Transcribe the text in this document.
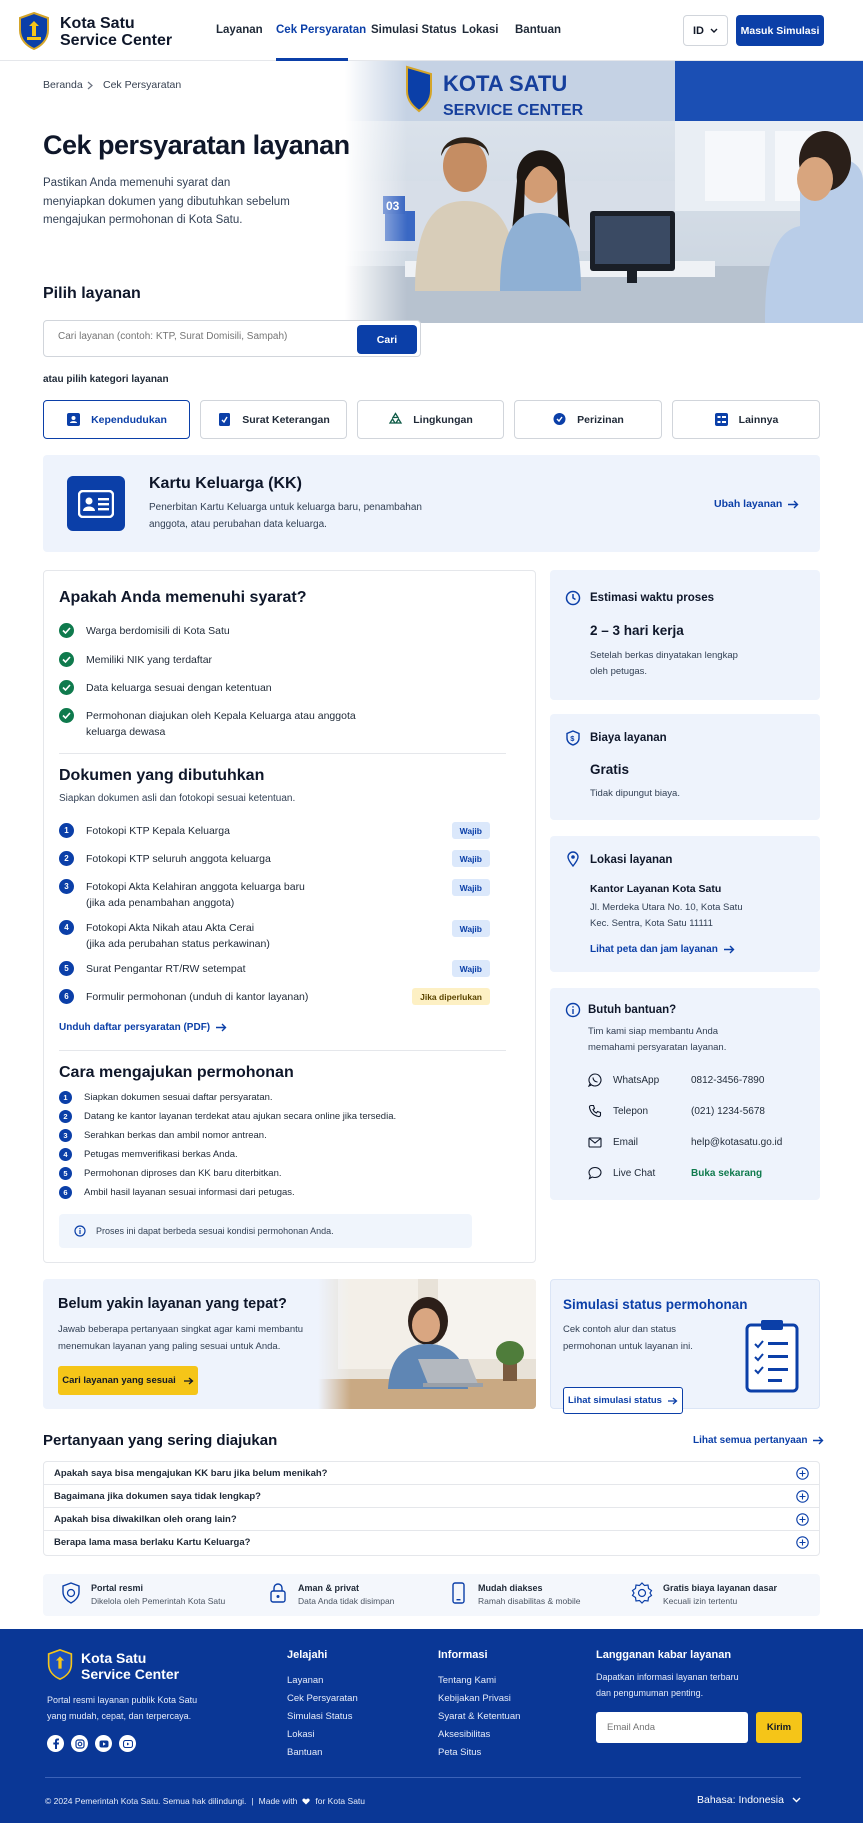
Kota Satu
Service Center
Layanan Cek Persyaratan Simulasi Status Lokasi Bantuan	ID	Masuk Simulasi
Beranda Cek Persyaratan
Cek persyaratan layanan

Pastikan Anda memenuhi syarat dan menyiapkan dokumen yang dibutuhkan sebelum mengajukan permohonan di Kota Satu.

Pilih layanan
Cari layanan (contoh: KTP, Surat Domisili, Sampah)
Cari
atau pilih kategori layanan
Kependudukan	Surat Keterangan	Lingkungan	Perizinan	Lainnya
Kartu Keluarga (KK)
Penerbitan Kartu Keluarga untuk keluarga baru, penambahan anggota, atau perubahan data keluarga.
Ubah layanan
Apakah Anda memenuhi syarat?
Warga berdomisili di Kota Satu
Memiliki NIK yang terdaftar
Data keluarga sesuai dengan ketentuan
Permohonan diajukan oleh Kepala Keluarga atau anggota keluarga dewasa
Dokumen yang dibutuhkan
Siapkan dokumen asli dan fotokopi sesuai ketentuan.
1	Fotokopi KTP Kepala Keluarga	Wajib
2	Fotokopi KTP seluruh anggota keluarga	Wajib
3	Fotokopi Akta Kelahiran anggota keluarga baru
(jika ada penambahan anggota)
Wajib
4	Fotokopi Akta Nikah atau Akta Cerai
(jika ada perubahan status perkawinan)
Wajib
5	Surat Pengantar RT/RW setempat	Wajib
6	Formulir permohonan (unduh di kantor layanan)	Jika diperlukan
Unduh daftar persyaratan (PDF)
Cara mengajukan permohonan
1	Siapkan dokumen sesuai daftar persyaratan.
2	Datang ke kantor layanan terdekat atau ajukan secara online jika tersedia.
3	Serahkan berkas dan ambil nomor antrean.
4	Petugas memverifikasi berkas Anda.
5	Permohonan diproses dan KK baru diterbitkan.
6	Ambil hasil layanan sesuai informasi dari petugas.
Proses ini dapat berbeda sesuai kondisi permohonan Anda.
Estimasi waktu proses
2 – 3 hari kerja
Setelah berkas dinyatakan lengkap oleh petugas.
$ Biaya layanan
Gratis
Tidak dipungut biaya.
Lokasi layanan
Kantor Layanan Kota Satu
Jl. Merdeka Utara No. 10, Kota Satu
Kec. Sentra, Kota Satu 11111
Lihat peta dan jam layanan
Butuh bantuan?
Tim kami siap membantu Anda memahami persyaratan layanan.
WhatsApp	0812-3456-7890
Telepon	(021) 1234-5678
Email	help@kotasatu.go.id
Live Chat	Buka sekarang
Belum yakin layanan yang tepat?
Jawab beberapa pertanyaan singkat agar kami membantu menemukan layanan yang paling sesuai untuk Anda.
Cari layanan yang sesuai
Simulasi status permohonan
Cek contoh alur dan status permohonan untuk layanan ini.
Lihat simulasi status
Pertanyaan yang sering diajukan	Lihat semua pertanyaan
Apakah saya bisa mengajukan KK baru jika belum menikah?
Bagaimana jika dokumen saya tidak lengkap?
Apakah bisa diwakilkan oleh orang lain?
Berapa lama masa berlaku Kartu Keluarga?
Portal resmi
Dikelola oleh Pemerintah Kota Satu
Aman & privat
Data Anda tidak disimpan
Mudah diakses
Ramah disabilitas & mobile
Gratis biaya layanan dasar
Kecuali izin tertentu
Kota Satu
Service Center
Portal resmi layanan publik Kota Satu yang mudah, cepat, dan terpercaya.
Jelajahi
Layanan
Cek Persyaratan
Simulasi Status
Lokasi
Bantuan
Informasi
Tentang Kami
Kebijakan Privasi
Syarat & Ketentuan
Aksesibilitas
Peta Situs
Langganan kabar layanan
Dapatkan informasi layanan terbaru dan pengumuman penting.
Email Anda
Kirim
© 2024 Pemerintah Kota Satu. Semua hak dilindungi. | Made with for Kota Satu	Bahasa: Indonesia
